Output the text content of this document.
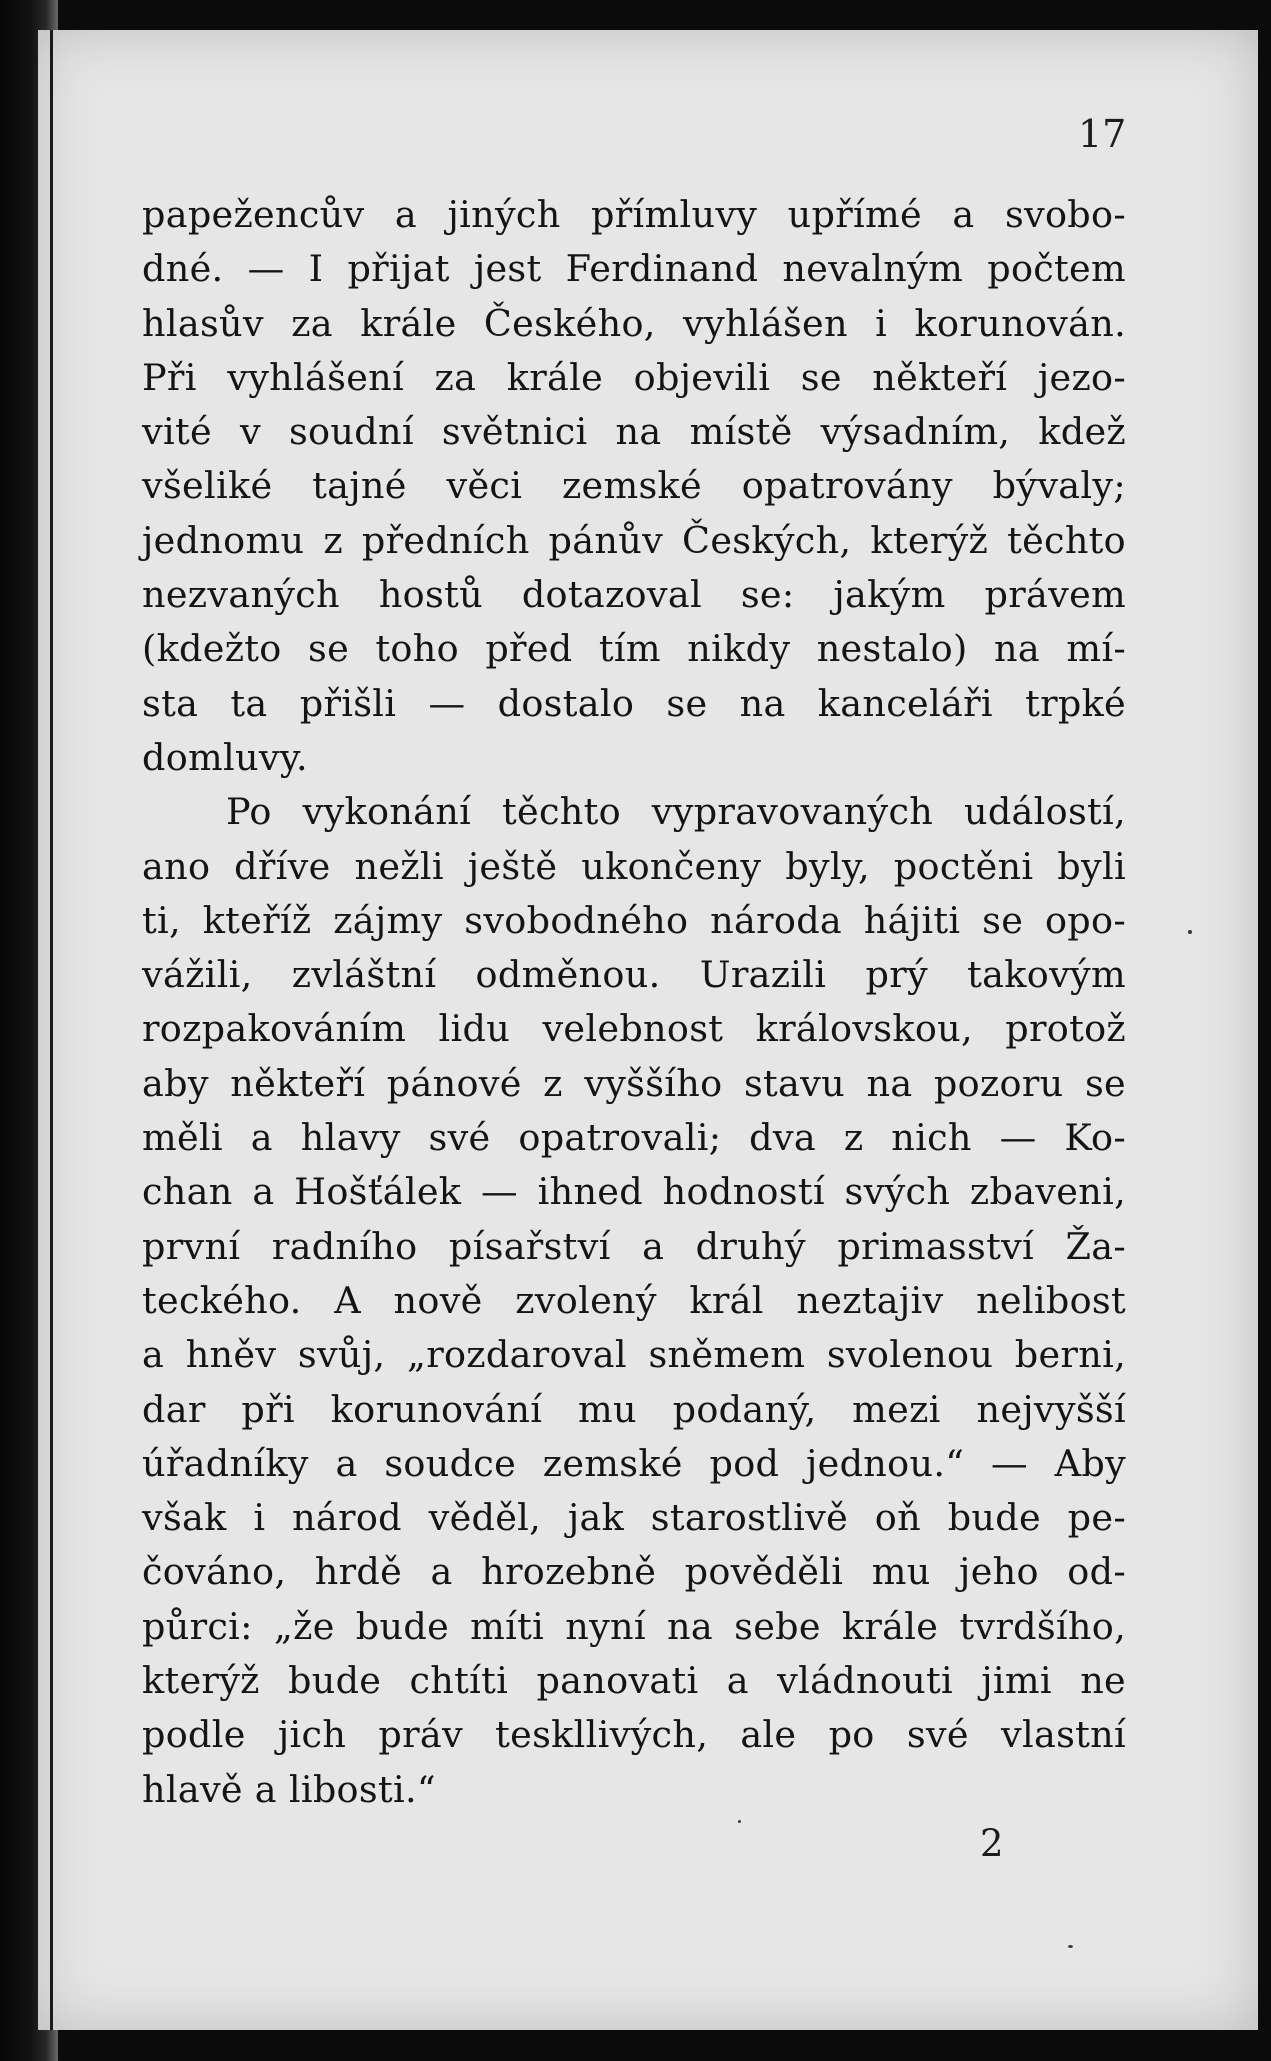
17
papežencův a jiných přímluvy upřímé a svobo-
dné. — I přijat jest Ferdinand nevalným počtem
hlasův za krále Českého, vyhlášen i korunován.
Při vyhlášení za krále objevili se někteří jezo-
vité v soudní světnici na místě výsadním, kdež
všeliké tajné věci zemské opatrovány bývaly;
jednomu z předních pánův Českých, kterýž těchto
nezvaných hostů dotazoval se: jakým právem
(kdežto se toho před tím nikdy nestalo) na mí-
sta ta přišli — dostalo se na kanceláři trpké
domluvy.
Po vykonání těchto vypravovaných událostí,
ano dříve nežli ještě ukončeny byly, poctěni byli
ti, kteříž zájmy svobodného národa hájiti se opo-
vážili, zvláštní odměnou. Urazili prý takovým
rozpakováním lidu velebnost královskou, protož
aby někteří pánové z vyššího stavu na pozoru se
měli a hlavy své opatrovali; dva z nich — Ko-
chan a Hošťálek — ihned hodností svých zbaveni,
první radního písařství a druhý primasství Ža-
teckého. A nově zvolený král neztajiv nelibost
a hněv svůj, „rozdaroval sněmem svolenou berni,
dar při korunování mu podaný, mezi nejvyšší
úřadníky a soudce zemské pod jednou.“ — Aby
však i národ věděl, jak starostlivě oň bude pe-
čováno, hrdě a hrozebně pověděli mu jeho od-
půrci: „že bude míti nyní na sebe krále tvrdšího,
kterýž bude chtíti panovati a vládnouti jimi ne
podle jich práv teskllivých, ale po své vlastní
hlavě a libosti.“
2
